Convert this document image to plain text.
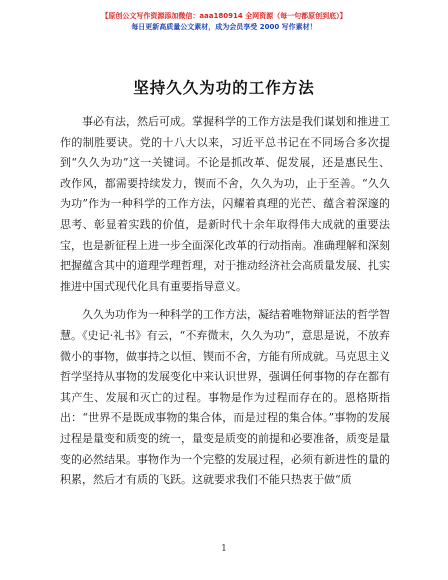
【原创公文写作资源添加微信：aaa180914 全网资源（每一句都原创到底）】
每日更新高质量公文素材，成为会员享受 2000 写作素材！
坚持久久为功的工作方法

事必有法，然后可成。掌握科学的工作方法是我们谋划和推进工作的制胜要诀。党的十八大以来，习近平总书记在不同场合多次提到“久久为功”这一关键词。不论是抓改革、促发展，还是惠民生、改作风，都需要持续发力，锲而不舍，久久为功，止于至善。“久久为功”作为一种科学的工作方法，闪耀着真理的光芒、蕴含着深邃的思考、彰显着实践的价值，是新时代十余年取得伟大成就的重要法宝，也是新征程上进一步全面深化改革的行动指南。准确理解和深刻把握蕴含其中的道理学理哲理，对于推动经济社会高质量发展、扎实推进中国式现代化具有重要指导意义。

久久为功作为一种科学的工作方法，凝结着唯物辩证法的哲学智慧。《史记·礼书》有云，“不弃微末，久久为功”，意思是说，不放弃微小的事物，做事持之以恒、锲而不舍，方能有所成就。马克思主义哲学坚持从事物的发展变化中来认识世界，强调任何事物的存在都有其产生、发展和灭亡的过程。事物是作为过程而存在的。恩格斯指出：“世界不是既成事物的集合体，而是过程的集合体。”事物的发展过程是量变和质变的统一，量变是质变的前提和必要准备，质变是量变的必然结果。事物作为一个完整的发展过程，必须有新进性的量的积累，然后才有质的飞跃。这就要求我们不能只热衷于做“质

1
